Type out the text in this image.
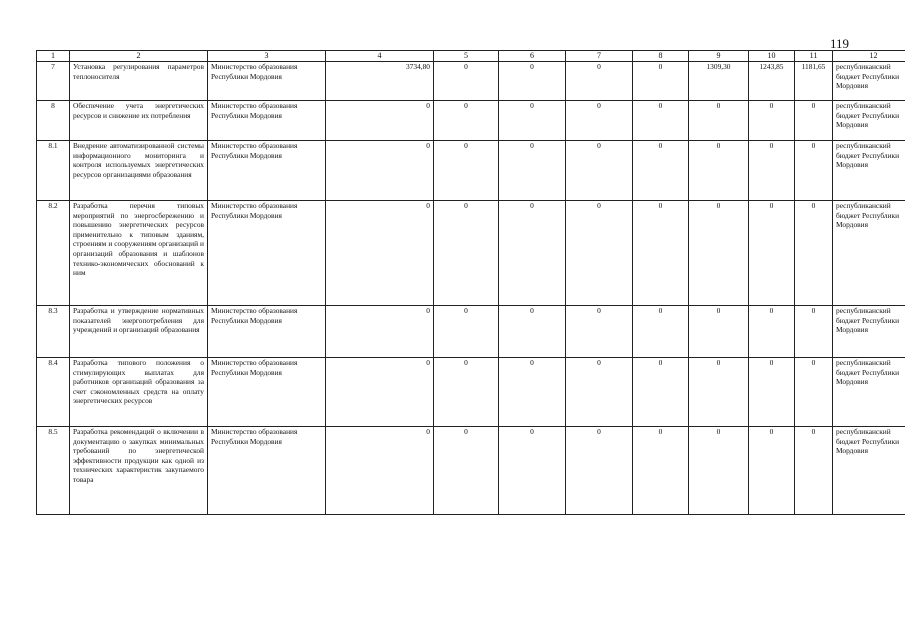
119
1	2	3	4	5	6	7	8	9	10	11	12
7	Установка регулирования параметров теплоносителя	Министерство образования Республики Мордовия	3734,80	0	0	0	0	1309,30	1243,85	1181,65	республиканский бюджет Республики Мордовия
8	Обеспечение учета энергетических ресурсов и снижение их потребления	Министерство образования Республики Мордовия	0	0	0	0	0	0	0	0	республиканский бюджет Республики Мордовия
8.1	Внедрение автоматизированной системы информационного мониторинга и контроля используемых энергетических ресурсов организациями образования	Министерство образования Республики Мордовия	0	0	0	0	0	0	0	0	республиканский бюджет Республики Мордовия
8.2	Разработка перечня типовых мероприятий по энергосбережению и повышению энергетических ресурсов применительно к типовым зданиям, строениям и сооружениям организаций и организаций образования и шаблонов технико-экономических обоснований к ним	Министерство образования Республики Мордовия	0	0	0	0	0	0	0	0	республиканский бюджет Республики Мордовия
8.3	Разработка и утверждение нормативных показателей энергопотребления для учреждений и организаций образования	Министерство образования Республики Мордовия	0	0	0	0	0	0	0	0	республиканский бюджет Республики Мордовия
8.4	Разработка типового положения о стимулирующих выплатах для работников организаций образования за счет сэкономленных средств на оплату энергетических ресурсов	Министерство образования Республики Мордовия	0	0	0	0	0	0	0	0	республиканский бюджет Республики Мордовия
8.5	Разработка рекомендаций о включении в документацию о закупках минимальных требований по энергетической эффективности продукции как одной из технических характеристик закупаемого товара	Министерство образования Республики Мордовия	0	0	0	0	0	0	0	0	республиканский бюджет Республики Мордовия
